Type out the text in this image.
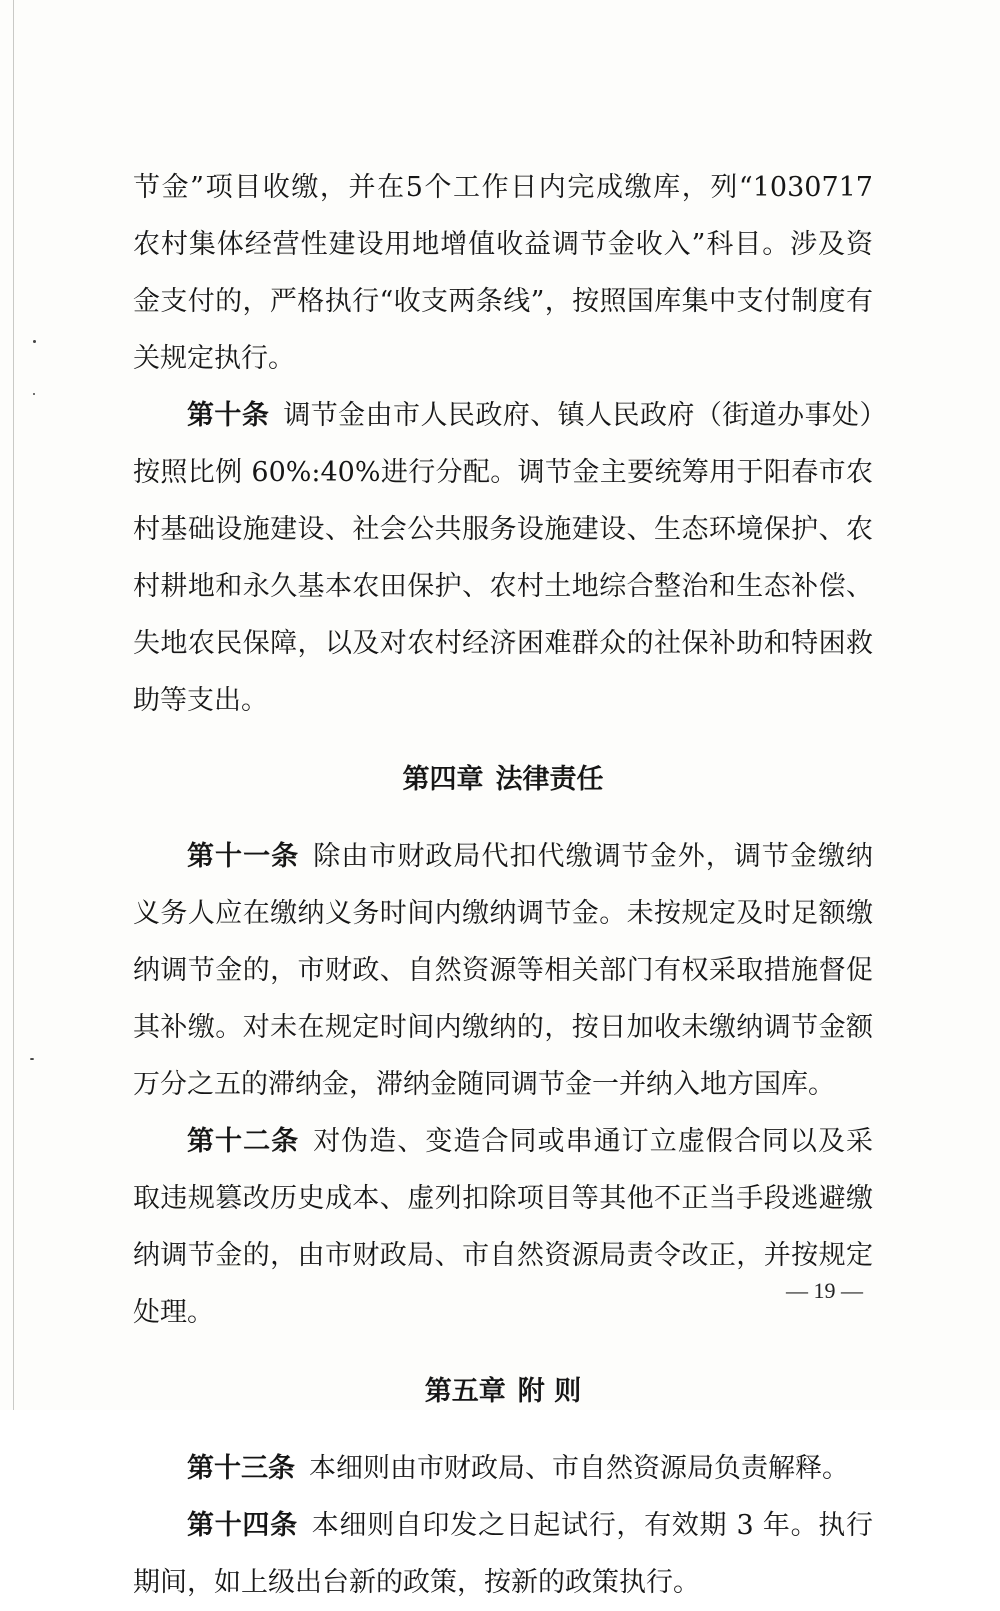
节金”项目收缴，并在5个工作日内完成缴库，列“1030717 农村集体经营性建设用地增值收益调节金收入”科目。涉及资金支付的，严格执行“收支两条线”，按照国库集中支付制度有关规定执行。

第十条 调节金由市人民政府、镇人民政府（街道办事处）按照比例 60%:40%进行分配。调节金主要统筹用于阳春市农村基础设施建设、社会公共服务设施建设、生态环境保护、农村耕地和永久基本农田保护、农村土地综合整治和生态补偿、失地农民保障，以及对农村经济困难群众的社保补助和特困救助等支出。

第四章 法律责任

第十一条 除由市财政局代扣代缴调节金外，调节金缴纳义务人应在缴纳义务时间内缴纳调节金。未按规定及时足额缴纳调节金的，市财政、自然资源等相关部门有权采取措施督促其补缴。对未在规定时间内缴纳的，按日加收未缴纳调节金额万分之五的滞纳金，滞纳金随同调节金一并纳入地方国库。

第十二条 对伪造、变造合同或串通订立虚假合同以及采取违规篡改历史成本、虚列扣除项目等其他不正当手段逃避缴纳调节金的，由市财政局、市自然资源局责令改正，并按规定处理。

第五章 附 则

第十三条 本细则由市财政局、市自然资源局负责解释。

第十四条 本细则自印发之日起试行，有效期 3 年。执行期间，如上级出台新的政策，按新的政策执行。

— 19 —
